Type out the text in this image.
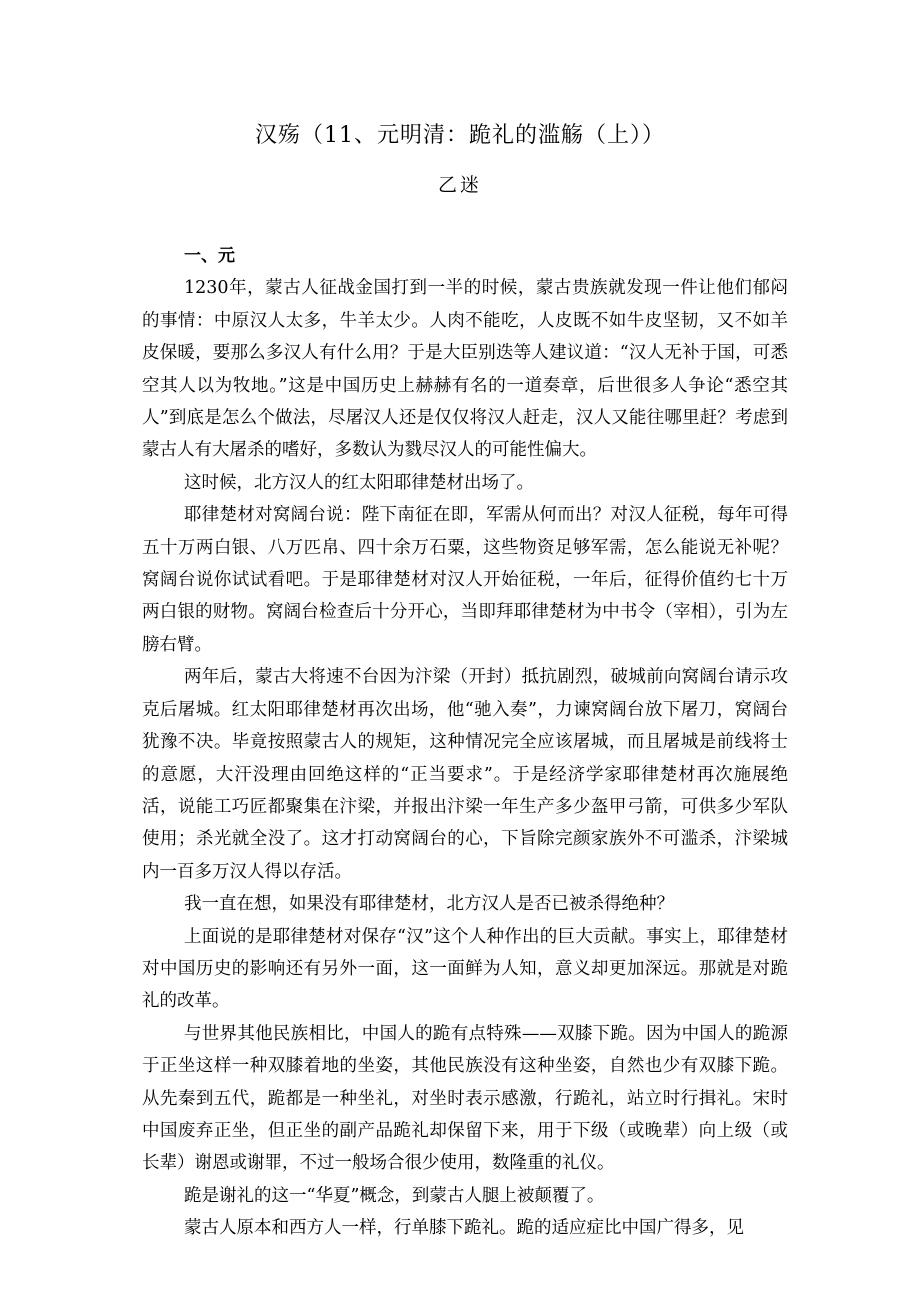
汉殇（11、元明清：跪礼的滥觞（上））
乙迷

一、元

1230年，蒙古人征战金国打到一半的时候，蒙古贵族就发现一件让他们郁闷的事情：中原汉人太多，牛羊太少。人肉不能吃，人皮既不如牛皮坚韧，又不如羊皮保暖，要那么多汉人有什么用？于是大臣别迭等人建议道：“汉人无补于国，可悉空其人以为牧地。”这是中国历史上赫赫有名的一道奏章，后世很多人争论“悉空其人”到底是怎么个做法，尽屠汉人还是仅仅将汉人赶走，汉人又能往哪里赶？考虑到蒙古人有大屠杀的嗜好，多数认为戮尽汉人的可能性偏大。

这时候，北方汉人的红太阳耶律楚材出场了。

耶律楚材对窝阔台说：陛下南征在即，军需从何而出？对汉人征税，每年可得五十万两白银、八万匹帛、四十余万石粟，这些物资足够军需，怎么能说无补呢？窝阔台说你试试看吧。于是耶律楚材对汉人开始征税，一年后，征得价值约七十万两白银的财物。窝阔台检查后十分开心，当即拜耶律楚材为中书令（宰相），引为左膀右臂。

两年后，蒙古大将速不台因为汴梁（开封）抵抗剧烈，破城前向窝阔台请示攻克后屠城。红太阳耶律楚材再次出场，他“驰入奏”，力谏窝阔台放下屠刀，窝阔台犹豫不决。毕竟按照蒙古人的规矩，这种情况完全应该屠城，而且屠城是前线将士的意愿，大汗没理由回绝这样的“正当要求”。于是经济学家耶律楚材再次施展绝活，说能工巧匠都聚集在汴梁，并报出汴梁一年生产多少盔甲弓箭，可供多少军队使用；杀光就全没了。这才打动窝阔台的心，下旨除完颜家族外不可滥杀，汴梁城内一百多万汉人得以存活。

我一直在想，如果没有耶律楚材，北方汉人是否已被杀得绝种？

上面说的是耶律楚材对保存“汉”这个人种作出的巨大贡献。事实上，耶律楚材对中国历史的影响还有另外一面，这一面鲜为人知，意义却更加深远。那就是对跪礼的改革。

与世界其他民族相比，中国人的跪有点特殊——双膝下跪。因为中国人的跪源于正坐这样一种双膝着地的坐姿，其他民族没有这种坐姿，自然也少有双膝下跪。从先秦到五代，跪都是一种坐礼，对坐时表示感激，行跪礼，站立时行揖礼。宋时中国废弃正坐，但正坐的副产品跪礼却保留下来，用于下级（或晚辈）向上级（或长辈）谢恩或谢罪，不过一般场合很少使用，数隆重的礼仪。

跪是谢礼的这一“华夏”概念，到蒙古人腿上被颠覆了。

蒙古人原本和西方人一样，行单膝下跪礼。跪的适应症比中国广得多，见
